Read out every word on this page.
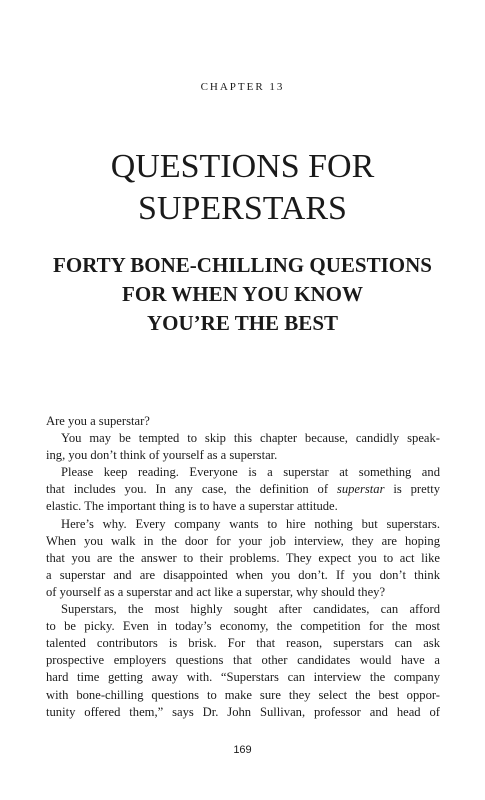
CHAPTER 13
QUESTIONS FOR
SUPERSTARS
FORTY BONE-CHILLING QUESTIONS
FOR WHEN YOU KNOW
YOU’RE THE BEST
Are you a superstar?
You may be tempted to skip this chapter because, candidly speak-
ing, you don’t think of yourself as a superstar.
Please keep reading. Everyone is a superstar at something and
that includes you. In any case, the definition of superstar is pretty
elastic. The important thing is to have a superstar attitude.
Here’s why. Every company wants to hire nothing but superstars.
When you walk in the door for your job interview, they are hoping
that you are the answer to their problems. They expect you to act like
a superstar and are disappointed when you don’t. If you don’t think
of yourself as a superstar and act like a superstar, why should they?
Superstars, the most highly sought after candidates, can afford
to be picky. Even in today’s economy, the competition for the most
talented contributors is brisk. For that reason, superstars can ask
prospective employers questions that other candidates would have a
hard time getting away with. “Superstars can interview the company
with bone-chilling questions to make sure they select the best oppor-
tunity offered them,” says Dr. John Sullivan, professor and head of
169
